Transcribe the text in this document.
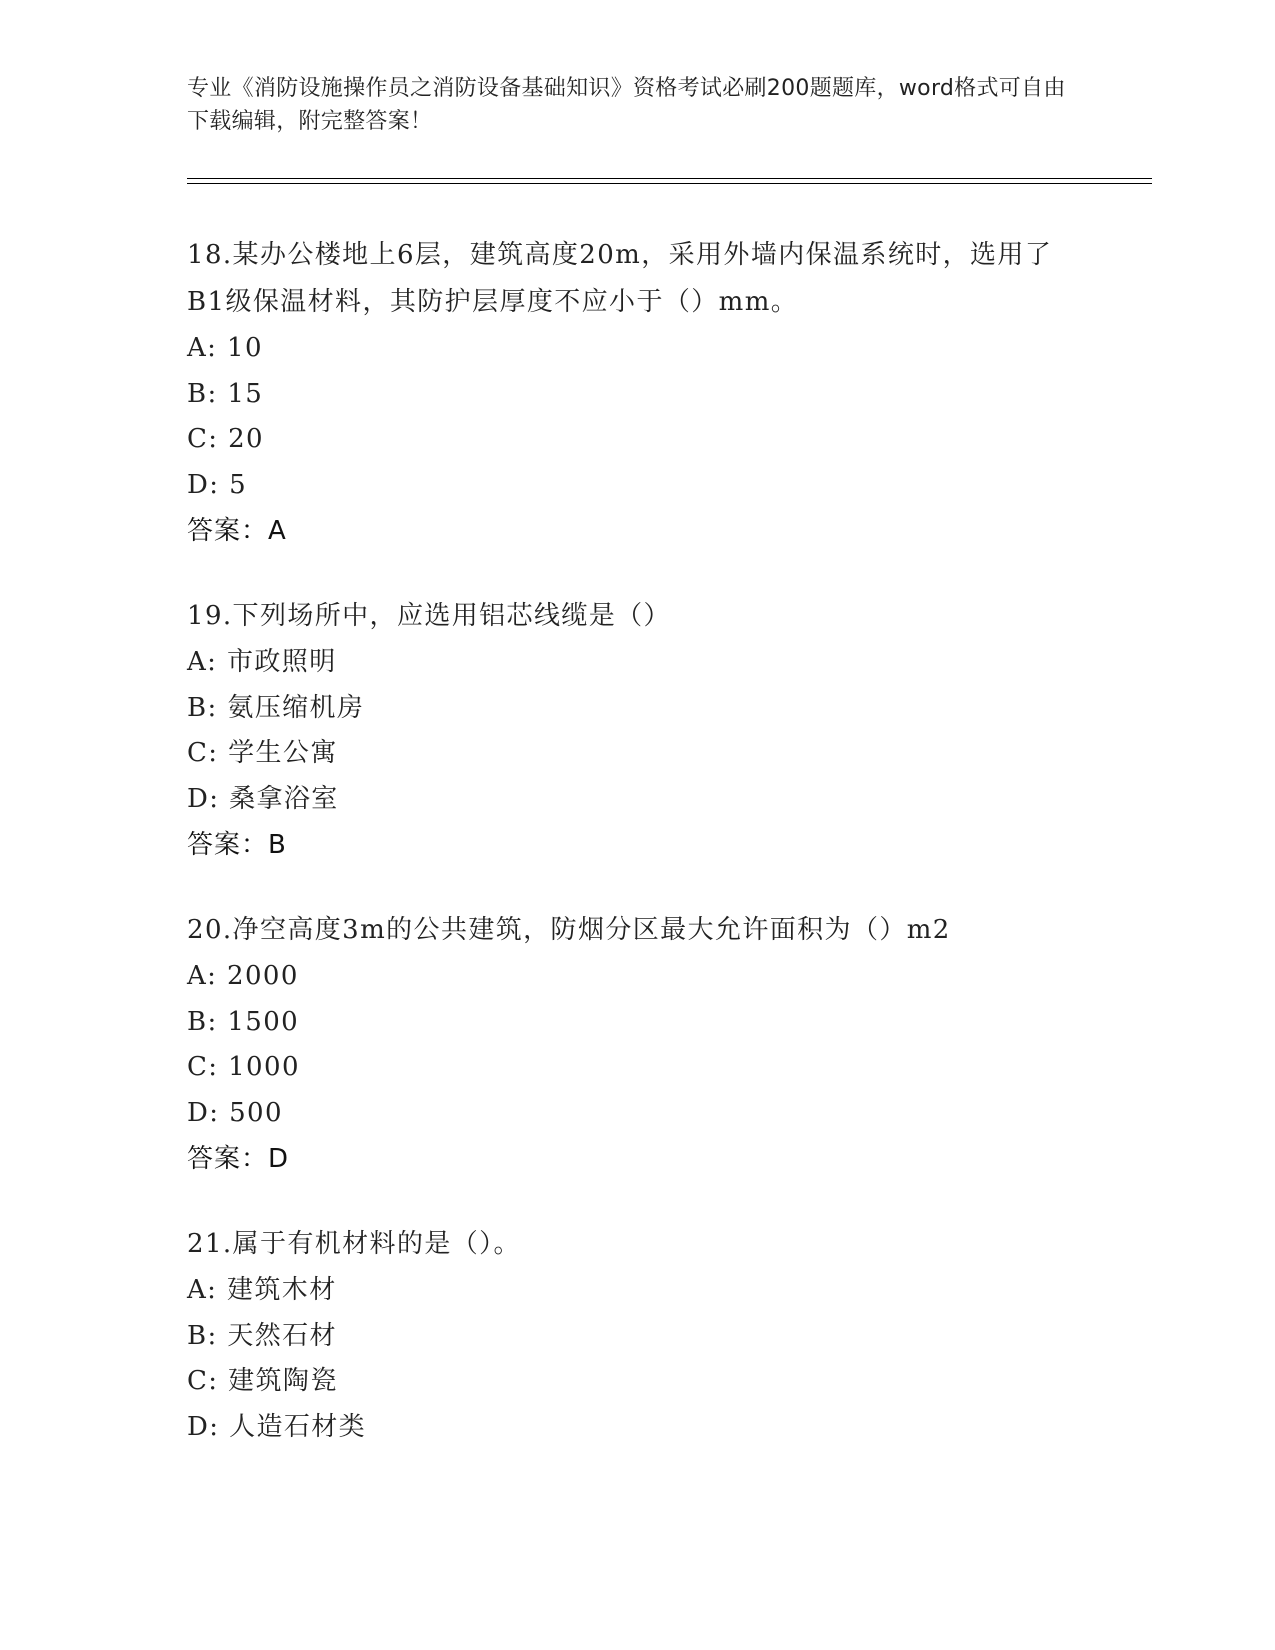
专业《消防设施操作员之消防设备基础知识》资格考试必刷200题题库，word格式可自由下载编辑，附完整答案！

18.某办公楼地上6层，建筑高度20m，采用外墙内保温系统时，选用了B1级保温材料，其防护层厚度不应小于（）mm。

A: 10

B: 15

C: 20

D: 5

答案：A

19.下列场所中，应选用铝芯线缆是（）

A: 市政照明

B: 氨压缩机房

C: 学生公寓

D: 桑拿浴室

答案：B

20.净空高度3m的公共建筑，防烟分区最大允许面积为（）m2

A: 2000

B: 1500

C: 1000

D: 500

答案：D

21.属于有机材料的是（）。

A: 建筑木材

B: 天然石材

C: 建筑陶瓷

D: 人造石材类
